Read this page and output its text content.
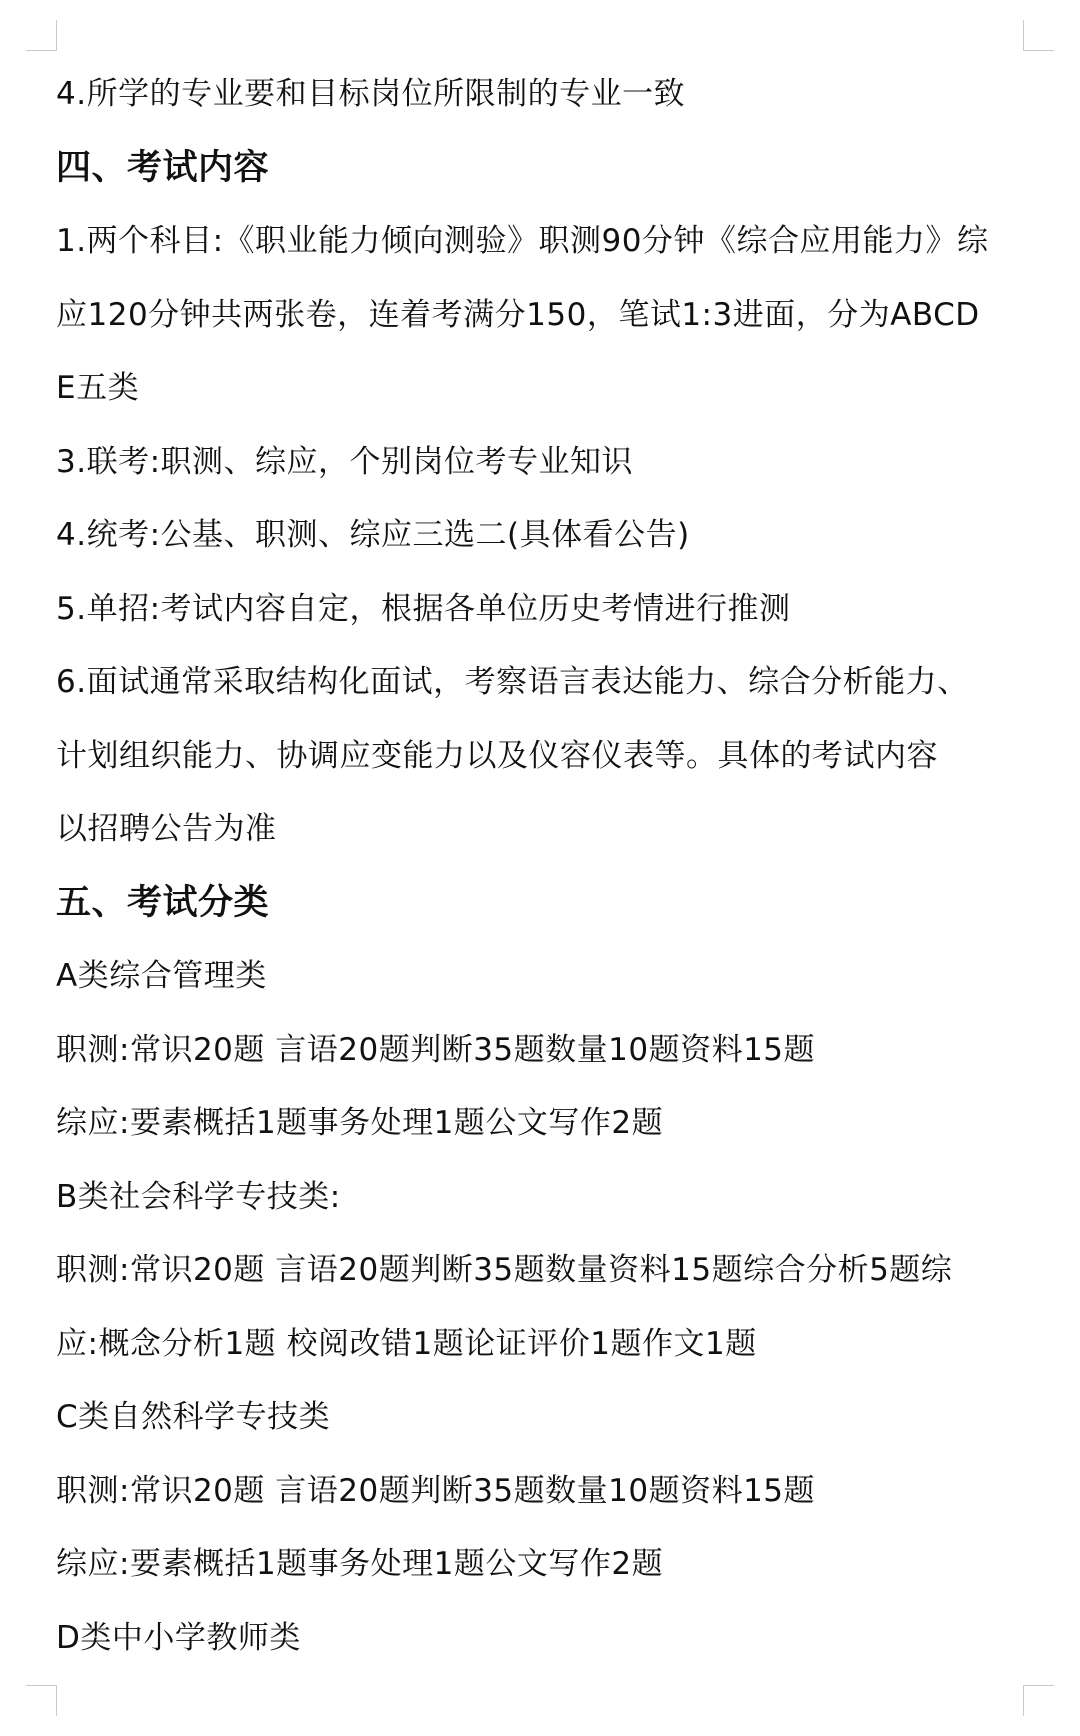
4.所学的专业要和目标岗位所限制的专业一致
四、考试内容
1.两个科目:《职业能力倾向测验》职测90分钟《综合应用能力》综
应120分钟共两张卷，连着考满分150，笔试1:3进面，分为ABCD
E五类
3.联考:职测、综应，个别岗位考专业知识
4.统考:公基、职测、综应三选二(具体看公告)
5.单招:考试内容自定，根据各单位历史考情进行推测
6.面试通常采取结构化面试，考察语言表达能力、综合分析能力、
计划组织能力、协调应变能力以及仪容仪表等。具体的考试内容
以招聘公告为准
五、考试分类
A类综合管理类
职测:常识20题 言语20题判断35题数量10题资料15题
综应:要素概括1题事务处理1题公文写作2题
B类社会科学专技类:
职测:常识20题 言语20题判断35题数量资料15题综合分析5题综
应:概念分析1题 校阅改错1题论证评价1题作文1题
C类自然科学专技类
职测:常识20题 言语20题判断35题数量10题资料15题
综应:要素概括1题事务处理1题公文写作2题
D类中小学教师类
